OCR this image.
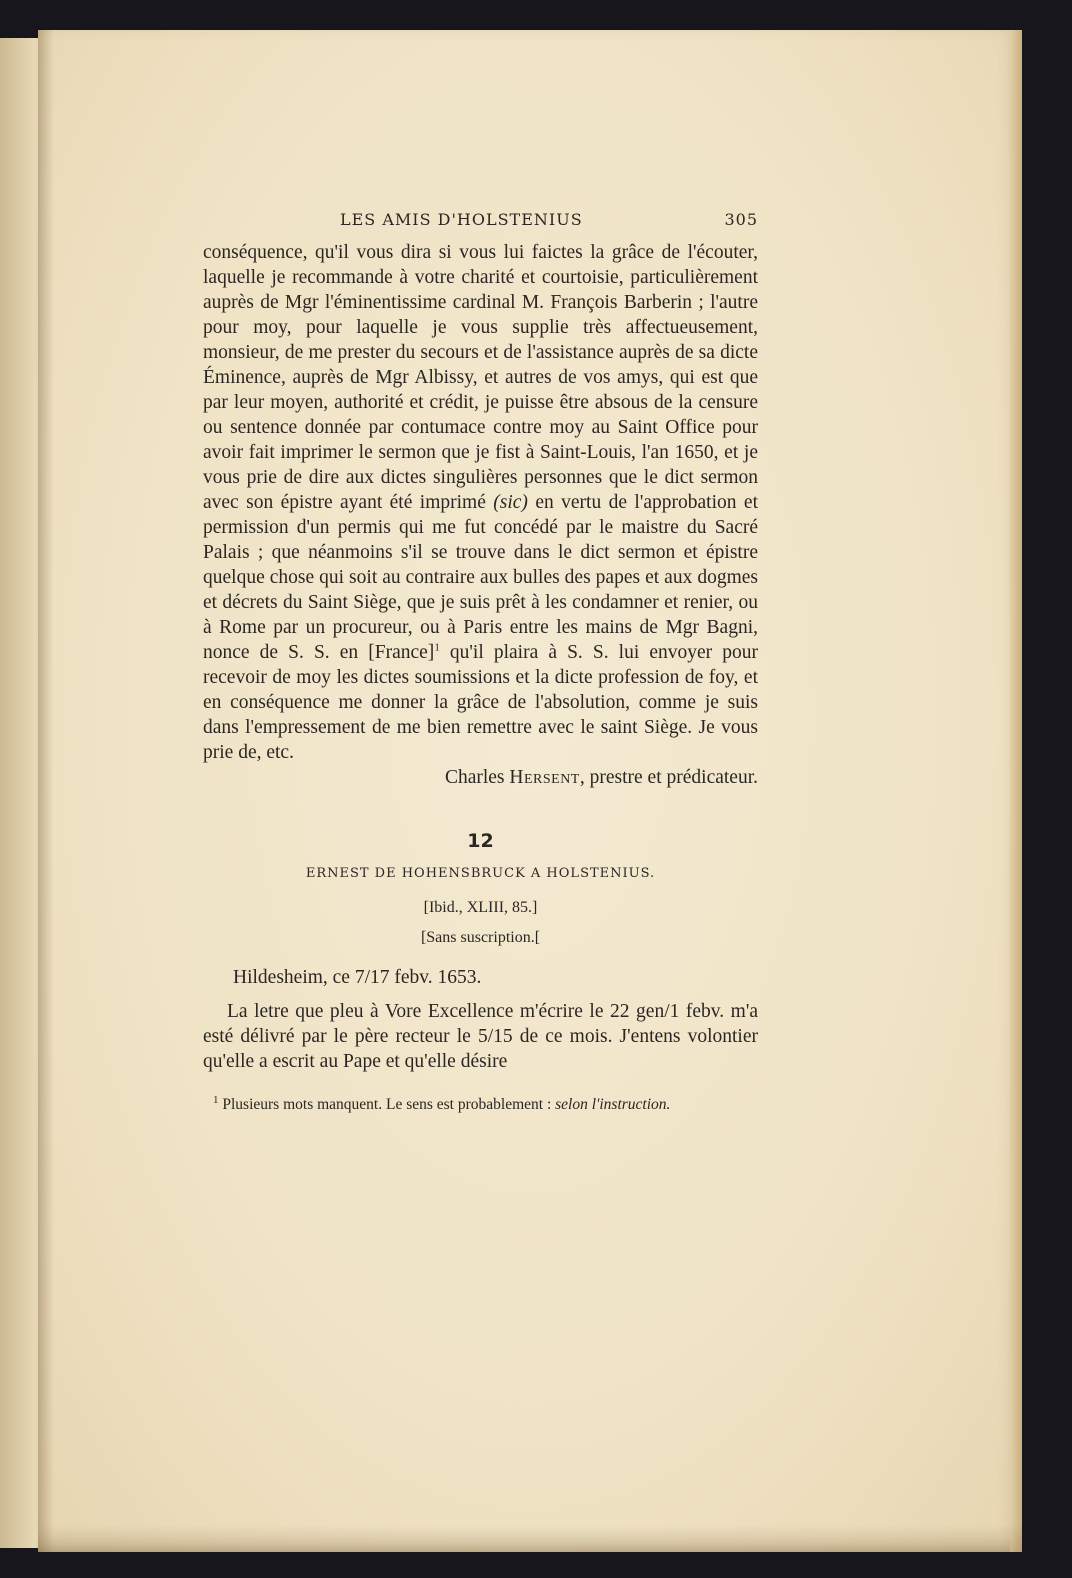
LES AMIS D'HOLSTENIUS	305

conséquence, qu'il vous dira si vous lui faictes la grâce de l'écouter, laquelle je recommande à votre charité et courtoisie, particulièrement auprès de Mgr l'éminentissime cardinal M. François Barberin ; l'autre pour moy, pour laquelle je vous supplie très affectueusement, monsieur, de me prester du secours et de l'assistance auprès de sa dicte Éminence, auprès de Mgr Albissy, et autres de vos amys, qui est que par leur moyen, authorité et crédit, je puisse être absous de la censure ou sentence donnée par contumace contre moy au Saint Office pour avoir fait imprimer le sermon que je fist à Saint-Louis, l'an 1650, et je vous prie de dire aux dictes singulières personnes que le dict sermon avec son épistre ayant été imprimé (sic) en vertu de l'approbation et permission d'un permis qui me fut concédé par le maistre du Sacré Palais ; que néanmoins s'il se trouve dans le dict sermon et épistre quelque chose qui soit au contraire aux bulles des papes et aux dogmes et décrets du Saint Siège, que je suis prêt à les condamner et renier, ou à Rome par un procureur, ou à Paris entre les mains de Mgr Bagni, nonce de S. S. en [France]$^1$ qu'il plaira à S. S. lui envoyer pour recevoir de moy les dictes soumissions et la dicte profession de foy, et en conséquence me donner la grâce de l'absolution, comme je suis dans l'empressement de me bien remettre avec le saint Siège. Je vous prie de, etc.

Charles Hersent, prestre et prédicateur.
12
ERNEST DE HOHENSBRUCK A HOLSTENIUS.
[Ibid., XLIII, 85.]
[Sans suscription.[
Hildesheim, ce 7/17 febv. 1653.
La letre que pleu à Vore Excellence m'écrire le 22 gen/1 febv. m'a esté délivré par le père recteur le 5/15 de ce mois. J'entens volontier qu'elle a escrit au Pape et qu'elle désire
$^1$ Plusieurs mots manquent. Le sens est probablement : selon l'instruction.
